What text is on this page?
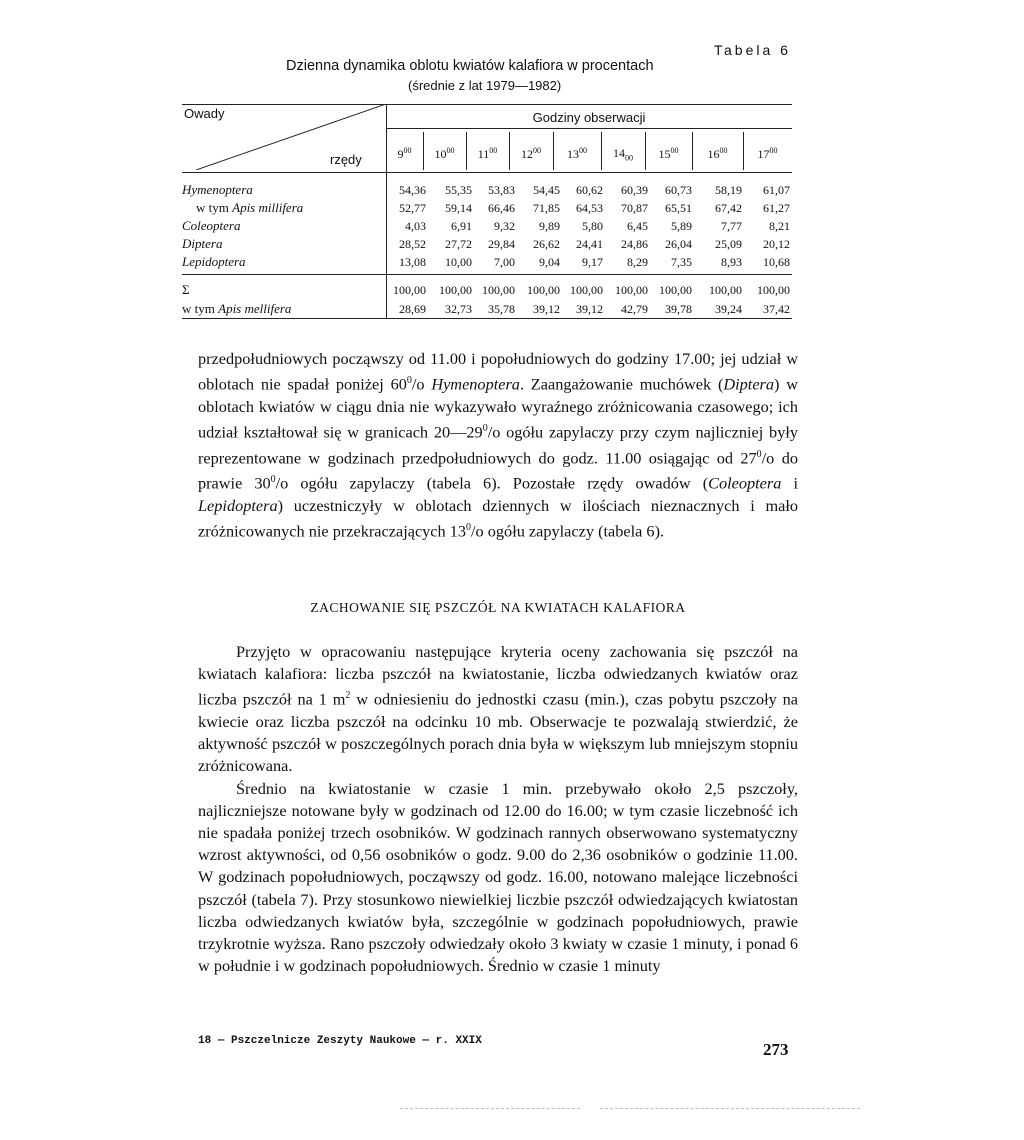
Tabela 6
Dzienna dynamika oblotu kwiatów kalafiora w procentach
(średnie z lat 1979—1982)
Owady
rzędy
Godziny obserwacji
$9^{00}$	$10^{00}$	$11^{00}$	$12^{00}$	$13^{00}$	$14_{00}$	$15^{00}$	$16^{00}$	$17^{00}$
Hymenoptera	54,36	55,35	53,83	54,45	60,62	60,39	60,73	58,19	61,07
w tym Apis millifera	52,77	59,14	66,46	71,85	64,53	70,87	65,51	67,42	61,27
Coleoptera	4,03	6,91	9,32	9,89	5,80	6,45	5,89	7,77	8,21
Diptera	28,52	27,72	29,84	26,62	24,41	24,86	26,04	25,09	20,12
Lepidoptera	13,08	10,00	7,00	9,04	9,17	8,29	7,35	8,93	10,68
Σ	100,00	100,00 100,00	100,00 100,00	100,00 100,00	100,00	100,00
w tym Apis mellifera	28,69	32,73	35,78	39,12	39,12	42,79	39,78	39,24	37,42

przedpołudniowych począwszy od 11.00 i popołudniowych do godziny 17.00; jej udział w oblotach nie spadał poniżej $60^0/o$ Hymenoptera. Zaangażowanie muchówek (Diptera) w oblotach kwiatów w ciągu dnia nie wykazywało wyraźnego zróżnicowania czasowego; ich udział kształtował się w granicach $20—29^0/o$ ogółu zapylaczy przy czym najliczniej były reprezentowane w godzinach przedpołudniowych do godz. 11.00 osiągając od $27^0/o$ do prawie $30^0/o$ ogółu zapylaczy (tabela 6). Pozostałe rzędy owadów (Coleoptera i Lepidoptera) uczestniczyły w oblotach dziennych w ilościach nieznacznych i mało zróżnicowanych nie przekraczających $13^0/o$ ogółu zapylaczy (tabela 6).

ZACHOWANIE SIĘ PSZCZÓŁ NA KWIATACH KALAFIORA

Przyjęto w opracowaniu następujące kryteria oceny zachowania się pszczół na kwiatach kalafiora: liczba pszczół na kwiatostanie, liczba odwiedzanych kwiatów oraz liczba pszczół na 1 $m^2$ w odniesieniu do jednostki czasu (min.), czas pobytu pszczoły na kwiecie oraz liczba pszczół na odcinku 10 mb. Obserwacje te pozwalają stwierdzić, że aktywność pszczół w poszczególnych porach dnia była w większym lub mniejszym stopniu zróżnicowana.

Średnio na kwiatostanie w czasie 1 min. przebywało około 2,5 pszczoły, najliczniejsze notowane były w godzinach od 12.00 do 16.00; w tym czasie liczebność ich nie spadała poniżej trzech osobników. W godzinach rannych obserwowano systematyczny wzrost aktywności, od 0,56 osobników o godz. 9.00 do 2,36 osobników o godzinie 11.00. W godzinach popołudniowych, począwszy od godz. 16.00, notowano malejące liczebności pszczół (tabela 7). Przy stosunkowo niewielkiej liczbie pszczół odwiedzających kwiatostan liczba odwiedzanych kwiatów była, szczególnie w godzinach popołudniowych, prawie trzykrotnie wyższa. Rano pszczoły odwiedzały około 3 kwiaty w czasie 1 minuty, i ponad 6 w południe i w godzinach popołudniowych. Średnio w czasie 1 minuty

18 — Pszczelnicze Zeszyty Naukowe — r. XXIX	273
